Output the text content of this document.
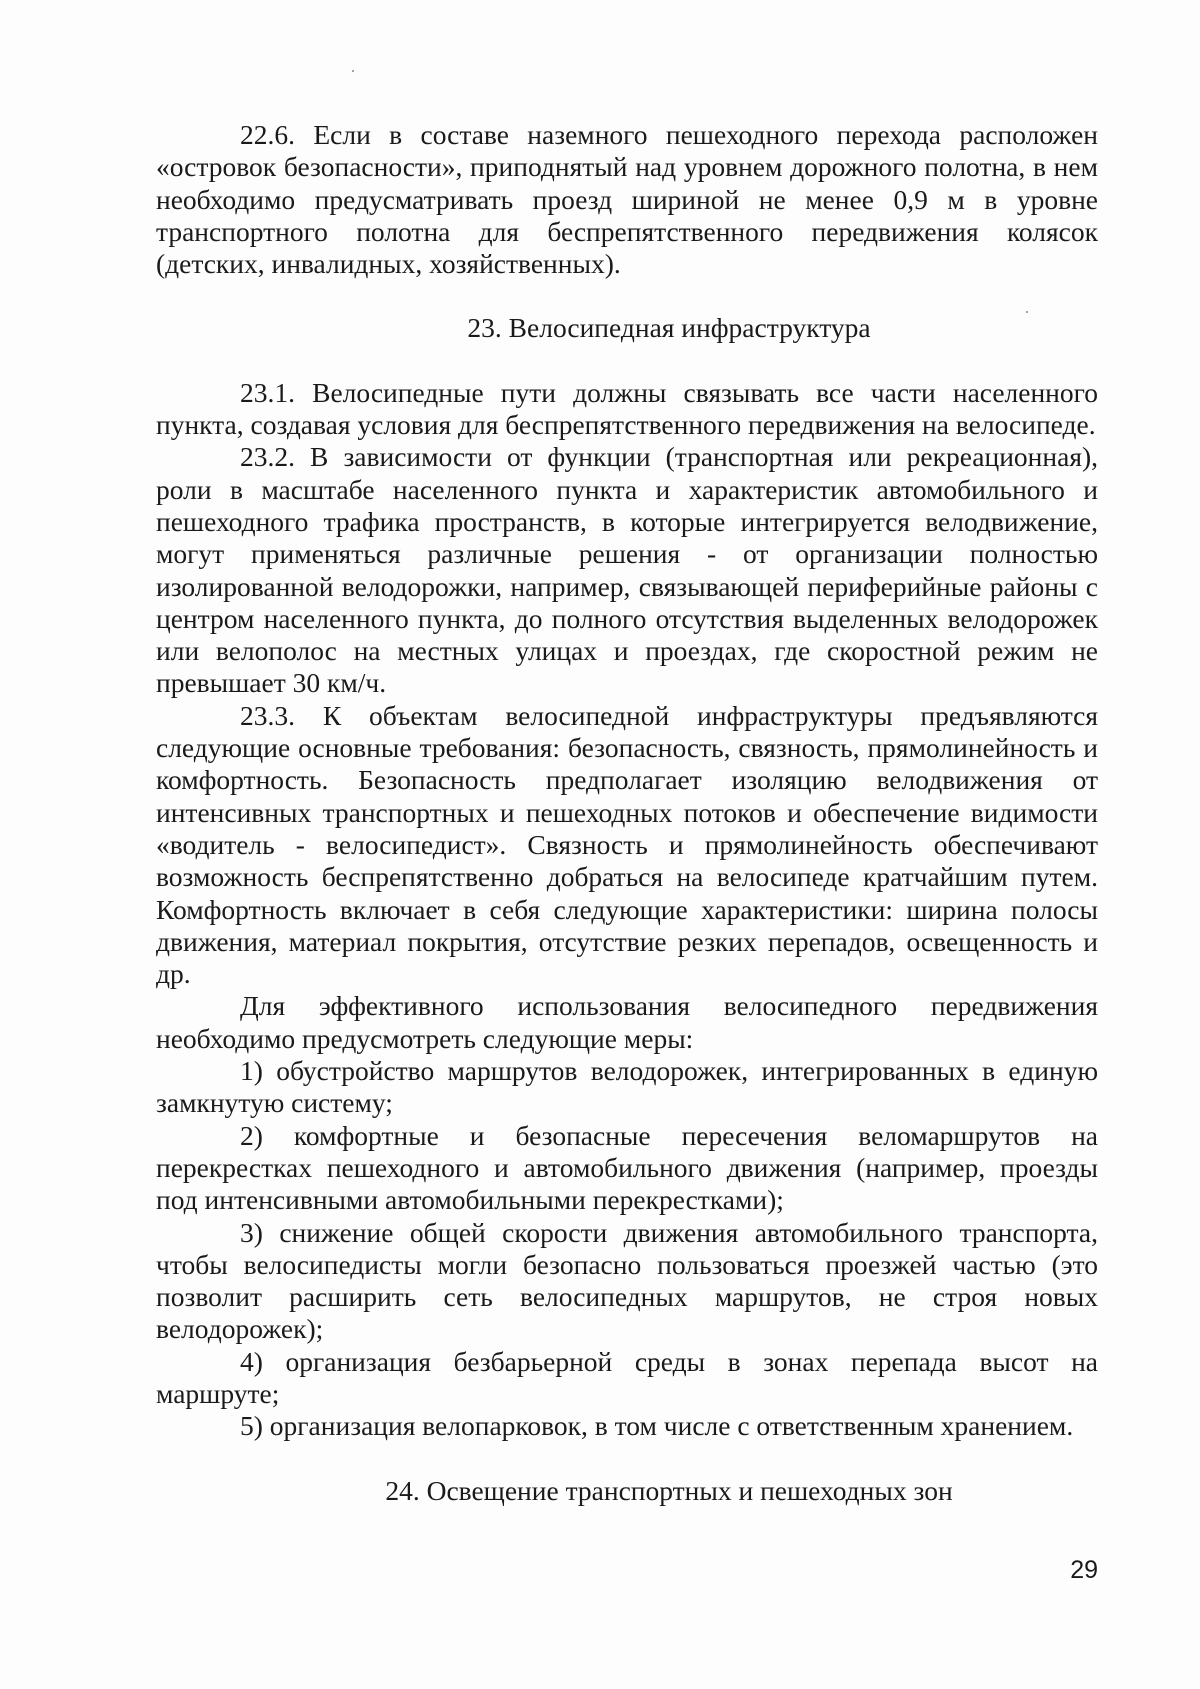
22.6. Если в составе наземного пешеходного перехода расположен «островок безопасности», приподнятый над уровнем дорожного полотна, в нем необходимо предусматривать проезд шириной не менее 0,9 м в уровне транспортного полотна для беспрепятственного передвижения колясок (детских, инвалидных, хозяйственных).

23. Велосипедная инфраструктура

23.1. Велосипедные пути должны связывать все части населенного пункта, создавая условия для беспрепятственного передвижения на велосипеде.

23.2. В зависимости от функции (транспортная или рекреационная), роли в масштабе населенного пункта и характеристик автомобильного и пешеходного трафика пространств, в которые интегрируется велодвижение, могут применяться различные решения - от организации полностью изолированной велодорожки, например, связывающей периферийные районы с центром населенного пункта, до полного отсутствия выделенных велодорожек или велополос на местных улицах и проездах, где скоростной режим не превышает 30 км/ч.

23.3. К объектам велосипедной инфраструктуры предъявляются следующие основные требования: безопасность, связность, прямолинейность и комфортность. Безопасность предполагает изоляцию велодвижения от интенсивных транспортных и пешеходных потоков и обеспечение видимости «водитель - велосипедист». Связность и прямолинейность обеспечивают возможность беспрепятственно добраться на велосипеде кратчайшим путем. Комфортность включает в себя следующие характеристики: ширина полосы движения, материал покрытия, отсутствие резких перепадов, освещенность и др.

Для эффективного использования велосипедного передвижения необходимо предусмотреть следующие меры:

1) обустройство маршрутов велодорожек, интегрированных в единую замкнутую систему;

2) комфортные и безопасные пересечения веломаршрутов на перекрестках пешеходного и автомобильного движения (например, проезды под интенсивными автомобильными перекрестками);

3) снижение общей скорости движения автомобильного транспорта, чтобы велосипедисты могли безопасно пользоваться проезжей частью (это позволит расширить сеть велосипедных маршрутов, не строя новых велодорожек);

4) организация безбарьерной среды в зонах перепада высот на маршруте;

5) организация велопарковок, в том числе с ответственным хранением.

24. Освещение транспортных и пешеходных зон

29
